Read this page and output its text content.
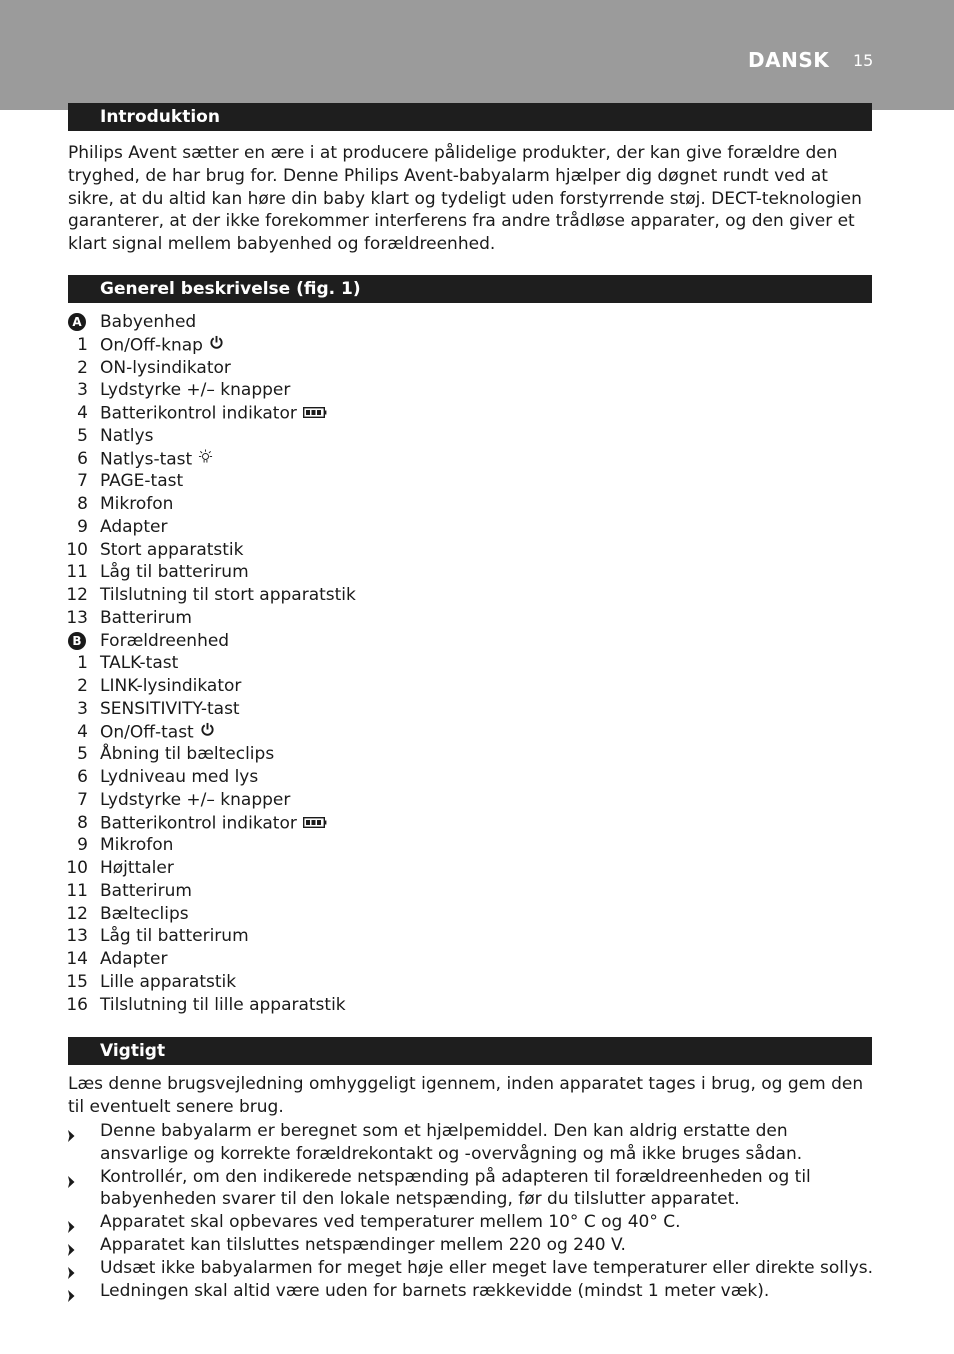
DANSK 15
Introduktion

Philips Avent sætter en ære i at producere pålidelige produkter, der kan give forældre den tryghed, de har brug for. Denne Philips Avent-babyalarm hjælper dig døgnet rundt ved at sikre, at du altid kan høre din baby klart og tydeligt uden forstyrrende støj. DECT-teknologien garanterer, at der ikke forekommer interferens fra andre trådløse apparater, og den giver et klart signal mellem babyenhed og forældreenhed.

Generel beskrivelse (fig. 1)
A Babyenhed
1 On/Off-knap
2 ON-lysindikator
3 Lydstyrke +/– knapper
4 Batterikontrol indikator
5 Natlys
6 Natlys-tast
7 PAGE-tast
8 Mikrofon
9 Adapter
10 Stort apparatstik
11 Låg til batterirum
12 Tilslutning til stort apparatstik
13 Batterirum
B Forældreenhed
1 TALK-tast
2 LINK-lysindikator
3 SENSITIVITY-tast
4 On/Off-tast
5 Åbning til bælteclips
6 Lydniveau med lys
7 Lydstyrke +/– knapper
8 Batterikontrol indikator
9 Mikrofon
10 Højttaler
11 Batterirum
12 Bælteclips
13 Låg til batterirum
14 Adapter
15 Lille apparatstik
16 Tilslutning til lille apparatstik
Vigtigt

Læs denne brugsvejledning omhyggeligt igennem, inden apparatet tages i brug, og gem den til eventuelt senere brug.

Denne babyalarm er beregnet som et hjælpemiddel. Den kan aldrig erstatte den ansvarlige og korrekte forældrekontakt og -overvågning og må ikke bruges sådan.
Kontrollér, om den indikerede netspænding på adapteren til forældreenheden og til babyenheden svarer til den lokale netspænding, før du tilslutter apparatet.
Apparatet skal opbevares ved temperaturer mellem 10° C og 40° C.
Apparatet kan tilsluttes netspændinger mellem 220 og 240 V.
Udsæt ikke babyalarmen for meget høje eller meget lave temperaturer eller direkte sollys.
Ledningen skal altid være uden for barnets rækkevidde (mindst 1 meter væk).
